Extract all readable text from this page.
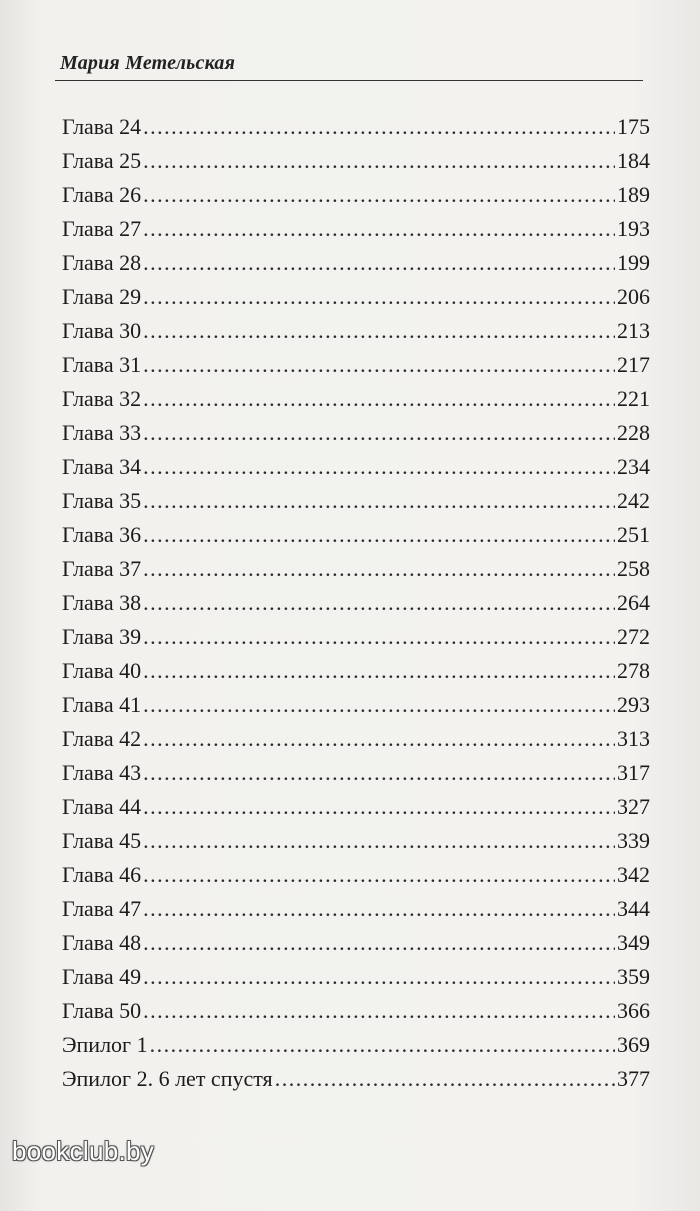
Мария Метельская
Глава 24 .....	175
Глава 25 .....	184
Глава 26 .....	189
Глава 27 .....	193
Глава 28 .....	199
Глава 29 .....	206
Глава 30 .....	213
Глава 31 .....	217
Глава 32 .....	221
Глава 33 .....	228
Глава 34 .....	234
Глава 35 .....	242
Глава 36 .....	251
Глава 37 .....	258
Глава 38 .....	264
Глава 39 .....	272
Глава 40 .....	278
Глава 41 .....	293
Глава 42 .....	313
Глава 43 .....	317
Глава 44 .....	327
Глава 45 .....	339
Глава 46 .....	342
Глава 47 .....	344
Глава 48 .....	349
Глава 49 .....	359
Глава 50 .....	366
Эпилог 1 .....	369
Эпилог 2. 6 лет спустя .....	377
bookclub.by
